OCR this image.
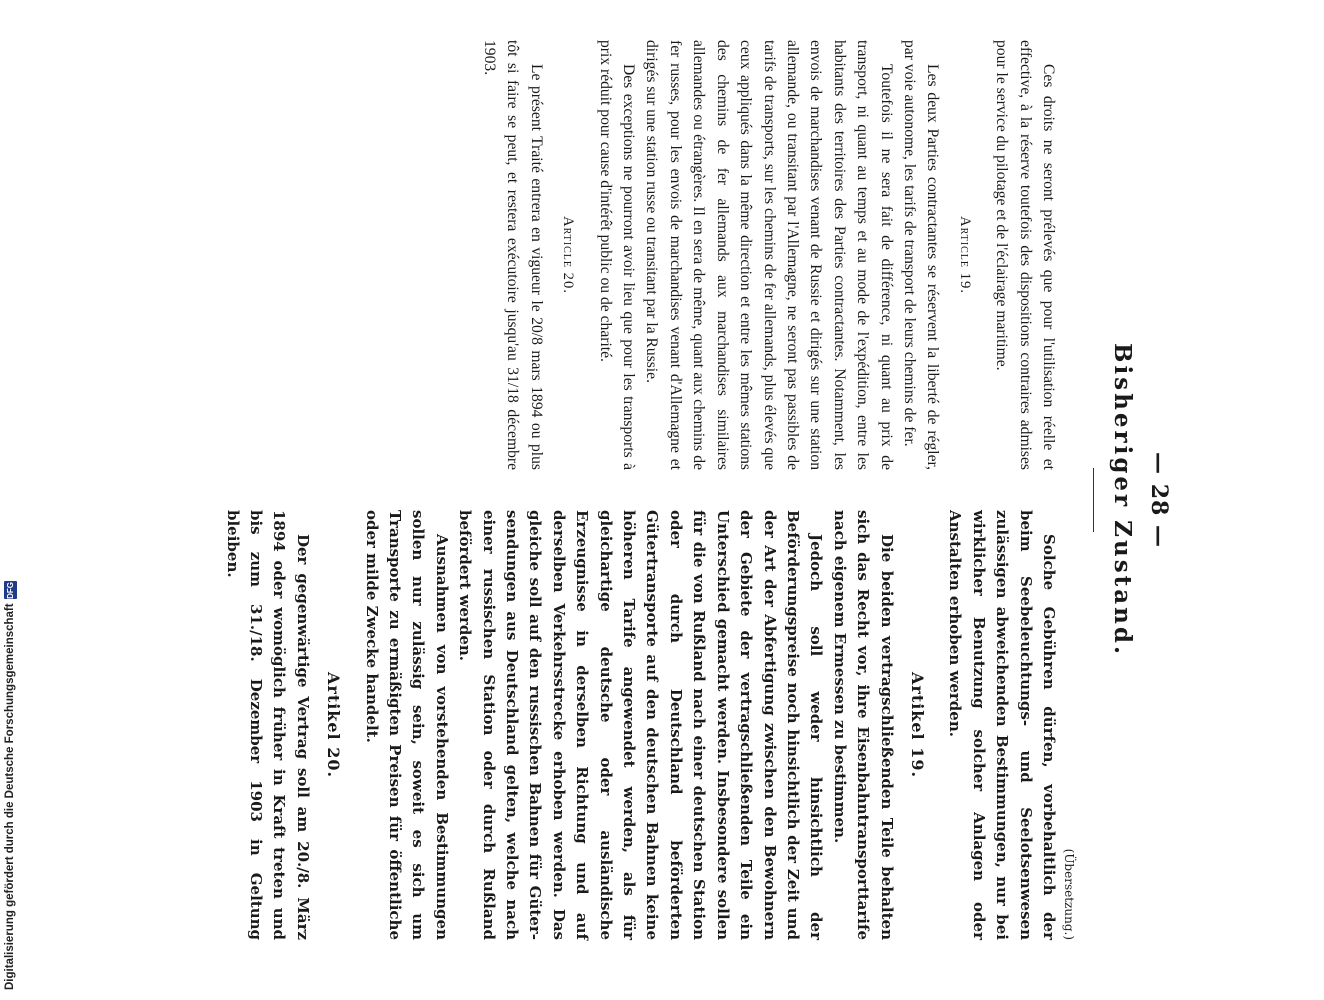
Digitalisierung gefördert durch die Deutsche Forschungsgemeinschaft
DFG
— 28 —
Bisheriger Zustand.
(Übersetzung.)

Solche Gebühren dürfen, vorbehaltlich der beim Seebeleuchtungs- und Seelotsenwesen zulässigen abweichenden Bestimmungen, nur bei wirklicher Benutzung solcher Anlagen oder Anstalten erhoben werden.

Artikel 19.

Die beiden vertragschließenden Teile behalten sich das Recht vor, ihre Eisenbahntransporttarife nach eigenem Ermessen zu bestimmen.

Jedoch soll weder hinsichtlich der Beförderungspreise noch hinsichtlich der Zeit und der Art der Abfertigung zwischen den Bewohnern der Gebiete der vertragschließenden Teile ein Unterschied gemacht werden. Insbesondere sollen für die von Rußland nach einer deutschen Station oder durch Deutschland beförderten Gütertransporte auf den deutschen Bahnen keine höheren Tarife angewendet werden, als für gleichartige deutsche oder ausländische Erzeugnisse in derselben Richtung und auf derselben Verkehrsstrecke erhoben werden. Das gleiche soll auf den russischen Bahnen für Güter- sendungen aus Deutschland gelten, welche nach einer russischen Station oder durch Rußland befördert werden.

Ausnahmen von vorstehenden Bestimmungen sollen nur zulässig sein, soweit es sich um Transporte zu ermäßigten Preisen für öffentliche oder milde Zwecke handelt.

Artikel 20.

Der gegenwärtige Vertrag soll am 20./8. März 1894 oder womöglich früher in Kraft treten und bis zum 31./18. Dezember 1903 in Geltung bleiben.

Ces droits ne seront prélevés que pour l'utilisation réelle et effective, à la réserve toutefois des dispositions contraires admises pour le service du pilotage et de l'éclairage maritime.

Article 19.

Les deux Parties contractantes se réservent la liberté de régler, par voie autonome, les tarifs de transport de leurs chemins de fer.

Toutefois il ne sera fait de différence, ni quant au prix de transport, ni quant au temps et au mode de l'expédition, entre les habitants des territoires des Parties contractantes. Notamment, les envois de marchandises venant de Russie et dirigés sur une station allemande, ou transitant par l'Allemagne, ne seront pas passibles de tarifs de transports, sur les chemins de fer allemands, plus élevés que ceux appliqués dans la même direction et entre les mêmes stations des chemins de fer allemands aux marchandises similaires allemandes ou étrangères. Il en sera de même, quant aux chemins de fer russes, pour les envois de marchandises venant d'Allemagne et dirigés sur une station russe ou transitant par la Russie.

Des exceptions ne pourront avoir lieu que pour les transports à prix réduit pour cause d'intérêt public ou de charité.

Article 20.

Le présent Traité entrera en vigueur le 20/8 mars 1894 ou plus tôt si faire se peut, et restera exécutoire jusqu'au 31/18 décembre 1903.
